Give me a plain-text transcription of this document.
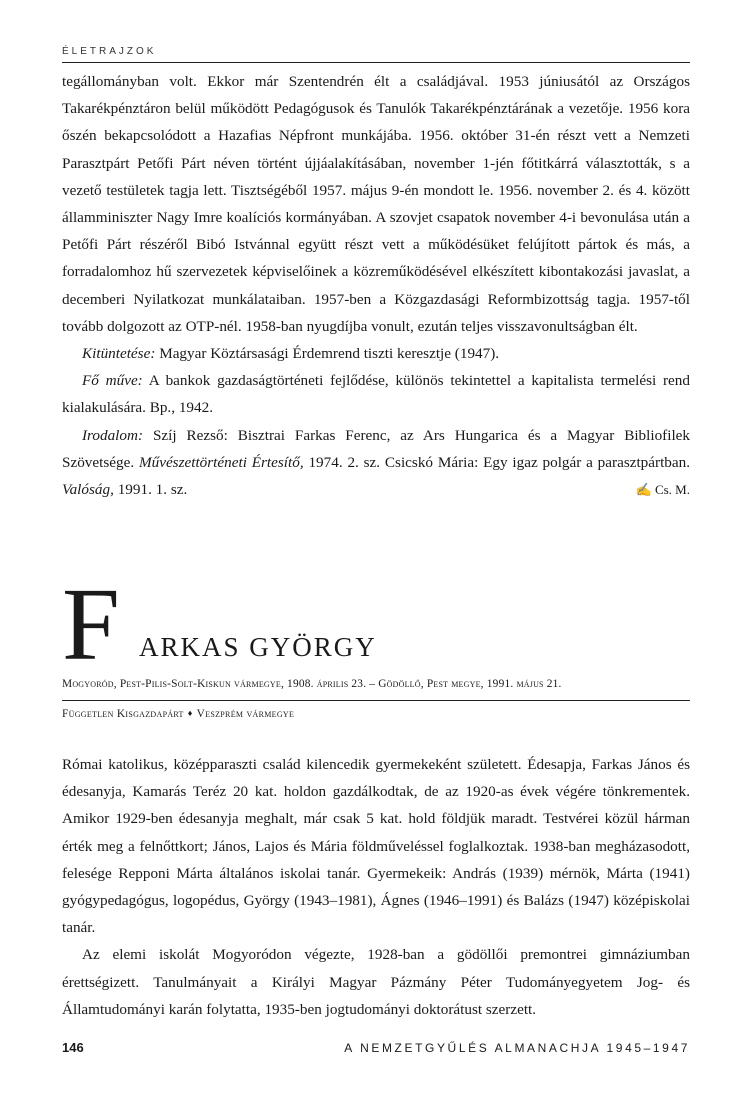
ÉLETRAJZOK

tegállományban volt. Ekkor már Szentendrén élt a családjával. 1953 júniusától az Országos Takarékpénztáron belül működött Pedagógusok és Tanulók Takarékpénztárának a vezetője. 1956 kora őszén bekapcsolódott a Hazafias Népfront munkájába. 1956. október 31-én részt vett a Nemzeti Parasztpárt Petőfi Párt néven történt újjáalakításában, november 1-jén főtitkárrá választották, s a vezető testületek tagja lett. Tisztségéből 1957. május 9-én mondott le. 1956. november 2. és 4. között államminiszter Nagy Imre koalíciós kormányában. A szovjet csapatok november 4-i bevonulása után a Petőfi Párt részéről Bibó Istvánnal együtt részt vett a működésüket felújított pártok és más, a forradalomhoz hű szervezetek képviselőinek a közreműködésével elkészített kibontakozási javaslat, a decemberi Nyilatkozat munkálataiban. 1957-ben a Közgazdasági Reformbizottság tagja. 1957-től tovább dolgozott az OTP-nél. 1958-ban nyugdíjba vonult, ezután teljes visszavonultságban élt.

Kitüntetése: Magyar Köztársasági Érdemrend tiszti keresztje (1947).

Fő műve: A bankok gazdaságtörténeti fejlődése, különös tekintettel a kapitalista termelési rend kialakulására. Bp., 1942.

Irodalom: Szíj Rezső: Bisztrai Farkas Ferenc, az Ars Hungarica és a Magyar Bibliofilek Szövetsége. Művészettörténeti Értesítő, 1974. 2. sz. Csicskó Mária: Egy igaz polgár a parasztpártban. Valóság, 1991. 1. sz.	✍ Cs. M.

F ARKAS GYÖRGY
Mogyoród, Pest-Pilis-Solt-Kiskun vármegye, 1908. április 23. – Gödöllő, Pest megye, 1991. május 21.
Független Kisgazdapárt ♦ Veszprém vármegye

Római katolikus, középparaszti család kilencedik gyermekeként született. Édesapja, Farkas János és édesanyja, Kamarás Teréz 20 kat. holdon gazdálkodtak, de az 1920-as évek végére tönkrementek. Amikor 1929-ben édesanyja meghalt, már csak 5 kat. hold földjük maradt. Testvérei közül hárman érték meg a felnőttkort; János, Lajos és Mária földműveléssel foglalkoztak. 1938-ban megházasodott, felesége Repponi Márta általános iskolai tanár. Gyermekeik: András (1939) mérnök, Márta (1941) gyógypedagógus, logopédus, György (1943–1981), Ágnes (1946–1991) és Balázs (1947) középiskolai tanár.

Az elemi iskolát Mogyoródon végezte, 1928-ban a gödöllői premontrei gimnáziumban érettségizett. Tanulmányait a Királyi Magyar Pázmány Péter Tudományegyetem Jog- és Államtudományi karán folytatta, 1935-ben jogtudományi doktorátust szerzett.

146	A NEMZETGYŰLÉS ALMANACHJA 1945–1947
